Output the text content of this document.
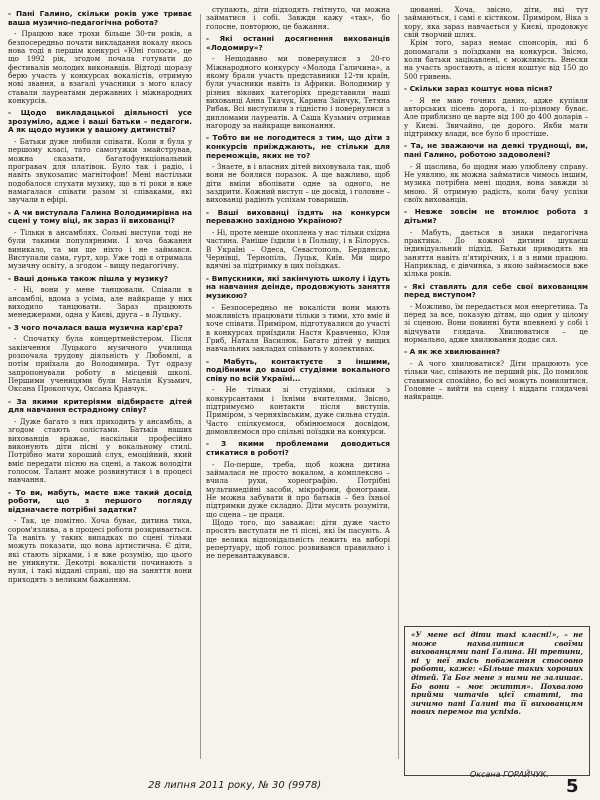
- Пані Галино, скільки років уже триває ваша музично-педагогічна робота?

- Працюю вже трохи більше 30-ти років, а безпосередньо почати викладання вокалу якось нова тоді в першім конкурсі «Юні голоси», це що 1992 рік, згодом почала готувати до фестивалів молодих виконавців. Відтоді щоразу берю участь у конкурсах вокалістів, отримую нові звання, а взагалі учасники з мого класу ставали лауреатами державних і міжнародних конкурсів.

- Щодо викладацької діяльності усе зрозуміло, адже і ваші батьки – педагоги. А як щодо музики у вашому дитинстві?

- Батьки дуже любили співати. Коли я була у першому класі, тато самотужки змайстрував, можна сказати, багатофункціональний програвач для платівок. Було так і радіо, і навіть звукозапис магнітофон! Мені настільки подобалося слухати музику, що в ті роки я вже намагалася співати разом зі співаками, які звучали в ефірі.

- А чи виступала Галина Володимирівна на сцені у тому віці, як зараз її вихованці?

- Тільки в ансамблях. Сольні виступи тоді не були такими популярними. І хоча бажання виникало, та ми ще ніхто і не займався. Виступали сама, гурт, хор. Уже тоді я отримала музичну освіту, а згодом – вищу педагогічну.

- Ваші донька також пішла у музику?

- Ні, вони у мене танцювали. Співали в ансамблі, вдома з усіма, але найкраще у них виходило танцювати. Зараз працюють менеджерами, одна у Києві, друга – в Луцьку.

- З чого почалася ваша музична кар'єра?

- Спочатку була концертмейстером. Після закінчення Луцького музичного училища розпочала трудову діяльність у Любомлі, а потім приїхала до Володимира. Тут одразу запропонували роботу в місцевій школі. Першими ученицями були Наталія Кузьмич, Оксана Прокопчук, Оксана Кравчук.

- За якими критеріями відбираєте дітей для навчання естрадному співу?

- Дуже багато з них приходить у ансамбль, а згодом стають солістами. Батьків наших вихованців вражає, наскільки професійно виконують діти пісні у вокальному стилі. Потрібно мати хороший слух, емоційний, який вміє передати пісню на сцені, а також володіти голосом. Талант може розвинутися і в процесі навчання.

- То ви, мабуть, маєте вже такий досвід роботи, що з першого погляду відзначаєте потрібні задатки?

- Так, це помітно. Хоча буває, дитина тиха, сором'язлива, а в процесі роботи розкривається. Та навіть у таких випадках по сцені тільки можуть показати, що вона артистична. Є діти, які стають зірками, і я вже розумію, що цього не уникнути. Декотрі вокалісти починають з нуля, і такі віддані справі, що на заняття вони приходять з великим бажанням.

ступають, діти підходять гнітнуто, чи можна займатися і собі. Завжди кажу «так», бо голосне, повторюю, це бажання.

- Які останні досягнення вихованців «Лодомиру»?

- Нещодавно ми повернулися з 20-го Міжнародного конкурсу «Молода Галичина», а якому брали участь представники 12-ти країн, були учасники навіть із Африки. Володимир у різних вікових категоріях представили наші вихованці Анна Ткачук, Карина Заїнчук, Тетяна Рибак. Всі виступили з гідністю і повернулися з дипломами лауреатів. А Саша Кузьмич отримав нагороду за найкраще виконання.

- Тобто ви не погодитеся з тим, що діти з конкурсів приїжджають, не стільки для переможців, яких не то?

- Знаєте, в і власних дітей виховувала так, щоб вони не боялися поразок. А ще важливо, щоб діти вміли вболівати одне за одного, не заздрити. Кожний виступ – це досвід, і головне – вихованці радіють успіхам товаришів.

- Ваші вихованці їздять на конкурси переважно західною Україною?

- Ні, проте менше охоплена у нас тільки східна частина. Раніше їздили і в Польщу, і в Білорусь. В Україні – Одеса, Севастополь, Бердянськ, Чернівці, Тернопіль, Луцьк, Київ. Ми щиро вдячні за підтримку в цих поїздках.

- Випускники, які закінчують школу і їдуть на навчання деінде, продовжують заняття музикою?

- Безпосередньо не вокалісти вони мають можливість працювати тільки з тими, хто вміє й хоче співати. Приміром, підготувалися до участі в конкурсах приїздили Настя Кравченко, Юля Гриб, Наталя Василюк. Багато дітей у вищих навчальних закладах співають у колективах.

- Мабуть, контактуєте з іншими, подібними до вашої студіями вокального співу по всій Україні...

- Не тільки зі студіями, скільки з конкурсантами і їхніми вчителями. Звісно, підтримуємо контакти після виступів. Приміром, з черняхівським, дуже сильна студія. Часто спілкуємося, обмінюємося досвідом, домовляємося про спільні поїздки на конкурси.

- З якими проблемами доводиться стикатися в роботі?

- По-перше, треба, щоб кожна дитина займалася не просто вокалом, а комплексно – вчила рухи, хореографію. Потрібні мультимедійні засоби, мікрофони, фонограми. Не можна забувати й про батьків – без їхньої підтримки дуже складно. Діти мусять розуміти, що сцена – це праця.

Щодо того, що заважає: діти дуже часто просять виступати не ті пісні, які їм пасують. А ще велика відповідальність лежить на виборі репертуару, щоб голос розвивався правильно і не перевантажувався.

цюванні. Хоча, звісно, діти, які тут займаються, і самі є кістяком. Приміром, Віка з хору, яка зараз навчається у Києві, продовжує свій творчий шлях.

Крім того, зараз немає спонсорів, які б допомагали з поїздками на конкурси. Звісно, коли батьки зацікавлені, є можливість. Внески на участь зростають, а пісня коштує від 150 до 500 гривень.

- Скільки зараз коштує нова пісня?

- Я не маю точних даних, адже купівля авторських пісень дорога, і по-різному буває. Але приблизно це варте від 100 до 400 доларів – у Києві. Звичайно, це дорого. Якби мати підтримку влади, все було б простіше.

- Та, не зважаючи на деякі труднощі, ви, пані Галино, роботою задоволені?

- Я щаслива, бо щодня маю улюблену справу. Не уявляю, як можна займатися чимось іншим, музика потрібна мені щодня, вона завжди зі мною. Я отримую радість, коли бачу успіхи своїх вихованців.

- Невже зовсім не втомлює робота з дітьми?

- Мабуть, дається в знаки педагогічна практика. До кожної дитини шукаєш індивідуальний підхід. Батьки приводять на заняття навіть п'ятирічних, і я з ними працюю. Наприклад, є дівчинка, з якою займаємося вже кілька років.

- Які ставлять для себе свої вихованцям перед виступом?

- Можливо, їм передається моя енергетика. Та перед за все, показую дітям, що один у цілому зі сценою. Вони повинні бути впевнені у собі і відчувати глядача. Хвилюватися – це нормально, адже хвилювання додає сил.

- А як же хвилювання?

- А чого хвилюватися? Діти працюють усе тільки час, співають не перший рік. До помилок ставимося спокійно, бо всі можуть помилитися. Головне – вийти на сцену і віддати глядачеві найкраще.

«У мене всі діти такі класні!», – не може нахвалитися своїми вихованцями пані Галина. Ні третини, ні у неї якісь побажання стосовно роботи, каже: «Більше таких хороших дітей. Та Бог мене з ними не залишає. Бо вони – моє життя». Похвалою прийми читачів цієї статті, та зичимо пані Галині та її вихованцям нових перемог та успіхів.
28 липня 2011 року, № 30 (9978)
Оксана ГОРАЙЧУК.
5
